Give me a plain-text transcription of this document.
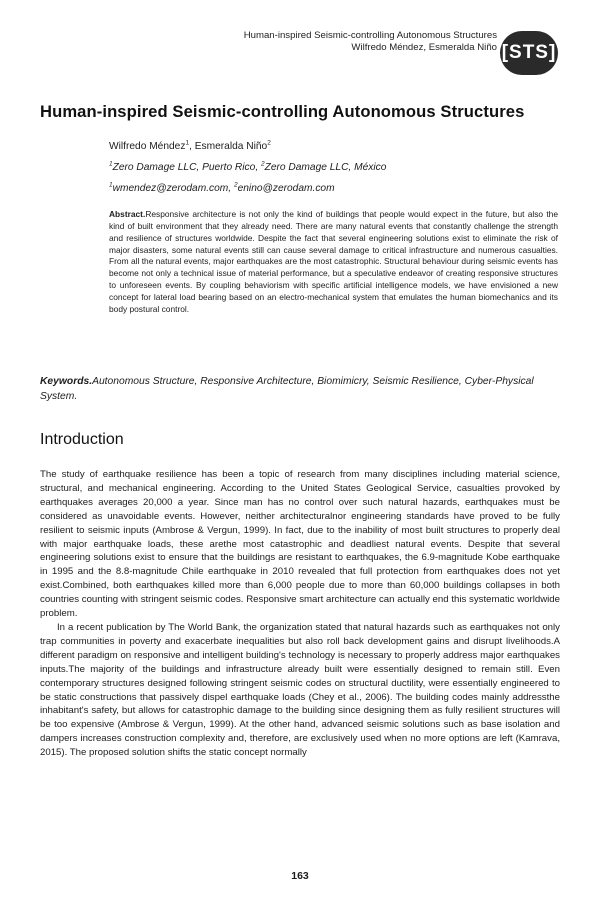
Human-inspired Seismic-controlling Autonomous Structures
Wilfredo Méndez, Esmeralda Niño [STS]
Human-inspired Seismic-controlling Autonomous Structures
Wilfredo Méndez$^1$, Esmeralda Niño$^2$
$^1$Zero Damage LLC, Puerto Rico, $^2$Zero Damage LLC, México
$^1$wmendez@zerodam.com, $^2$enino@zerodam.com
Abstract.Responsive architecture is not only the kind of buildings that people would expect in the future, but also the kind of built environment that they already need. There are many natural events that constantly challenge the strength and resilience of structures worldwide. Despite the fact that several engineering solutions exist to eliminate the risk of major disasters, some natural events still can cause several damage to critical infrastructure and numerous casualties. From all the natural events, major earthquakes are the most catastrophic. Structural behaviour during seismic events has become not only a technical issue of material performance, but a speculative endeavor of creating responsive structures to unforeseen events. By coupling behaviorism with specific artificial intelligence models, we have envisioned a new concept for lateral load bearing based on an electro-mechanical system that emulates the human biomechanics and its body postural control.
Keywords.Autonomous Structure, Responsive Architecture, Biomimicry, Seismic Resilience, Cyber-Physical System.
Introduction

The study of earthquake resilience has been a topic of research from many disciplines including material science, structural, and mechanical engineering. According to the United States Geological Service, casualties provoked by earthquakes averages 20,000 a year. Since man has no control over such natural hazards, earthquakes must be considered as unavoidable events. However, neither architecturalnor engineering standards have proved to be fully resilient to seismic inputs (Ambrose & Vergun, 1999). In fact, due to the inability of most built structures to properly deal with major earthquake loads, these arethe most catastrophic and deadliest natural events. Despite that several engineering solutions exist to ensure that the buildings are resistant to earthquakes, the 6.9-magnitude Kobe earthquake in 1995 and the 8.8-magnitude Chile earthquake in 2010 revealed that full protection from earthquakes does not yet exist.Combined, both earthquakes killed more than 6,000 people due to more than 60,000 buildings collapses in both countries counting with stringent seismic codes. Responsive smart architecture can actually end this systematic worldwide problem.

In a recent publication by The World Bank, the organization stated that natural hazards such as earthquakes not only trap communities in poverty and exacerbate inequalities but also roll back development gains and disrupt livelihoods.A different paradigm on responsive and intelligent building's technology is necessary to properly address major earthquakes inputs.The majority of the buildings and infrastructure already built were essentially designed to remain still. Even contemporary structures designed following stringent seismic codes on structural ductility, were essentially engineered to be static constructions that passively dispel earthquake loads (Chey et al., 2006). The building codes mainly addressthe inhabitant's safety, but allows for catastrophic damage to the building since designing them as fully resilient structures will be too expensive (Ambrose & Vergun, 1999). At the other hand, advanced seismic solutions such as base isolation and dampers increases construction complexity and, therefore, are exclusively used when no more options are left (Kamrava, 2015). The proposed solution shifts the static concept normally

163
